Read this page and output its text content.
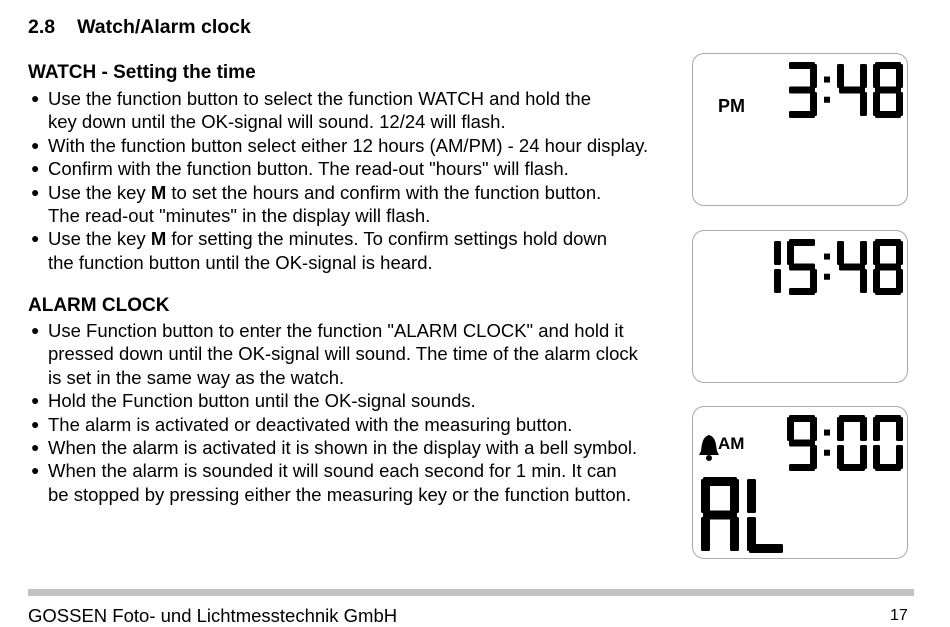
2.8 Watch/Alarm clock
WATCH - Setting the time
● Use the function button to select the function WATCH and hold the
key down until the OK-signal will sound. 12/24 will flash.
● With the function button select either 12 hours (AM/PM) - 24 hour display.
● Confirm with the function button. The read-out "hours" will flash.
● Use the key M to set the hours and confirm with the function button.
The read-out "minutes" in the display will flash.
● Use the key M for setting the minutes. To confirm settings hold down
the function button until the OK-signal is heard.
ALARM CLOCK
● Use Function button to enter the function "ALARM CLOCK" and hold it
pressed down until the OK-signal will sound. The time of the alarm clock
is set in the same way as the watch.
● Hold the Function button until the OK-signal sounds.
● The alarm is activated or deactivated with the measuring button.
● When the alarm is activated it is shown in the display with a bell symbol.
● When the alarm is sounded it will sound each second for 1 min. It can
be stopped by pressing either the measuring key or the function button.
PM
AM
GOSSEN Foto- und Lichtmesstechnik GmbH	17
